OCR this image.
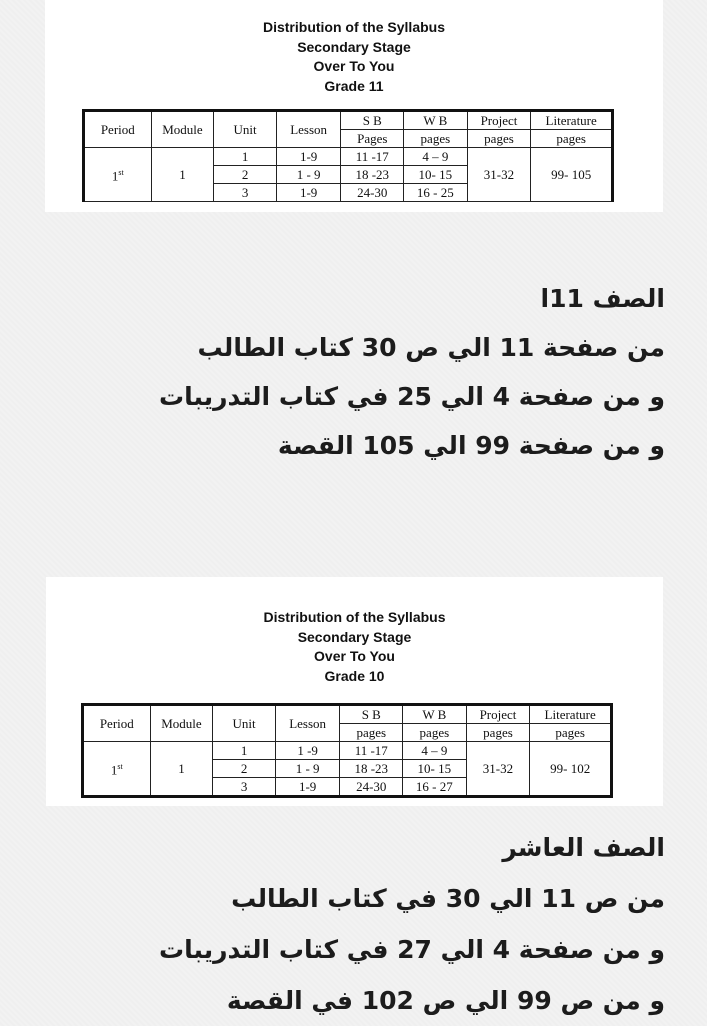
Distribution of the Syllabus
Secondary Stage
Over To You
Grade 11
Period	Module	Unit	Lesson	S B	W B	Project	Literature
				Pages	pages	pages	pages
1st	1	1	1-9	11 -17	4 – 9	31-32	99- 105
		2	1 - 9	18 -23	10- 15		
		3	1-9	24-30	16 - 25		
الصف 11ا
من صفحة 11 الي ص 30 كتاب الطالب
و من صفحة 4 الي 25 في كتاب التدريبات
و من صفحة 99 الي 105 القصة
Distribution of the Syllabus
Secondary Stage
Over To You
Grade 10
Period	Module	Unit	Lesson	S B	W B	Project	Literature
				pages	pages	pages	pages
1st	1	1	1 -9	11 -17	4 – 9	31-32	99- 102
		2	1 - 9	18 -23	10- 15		
		3	1-9	24-30	16 - 27		
الصف العاشر
من ص 11 الي 30 في كتاب الطالب
و من صفحة 4 الي 27 في كتاب التدريبات
و من ص 99 الي ص 102 في القصة
